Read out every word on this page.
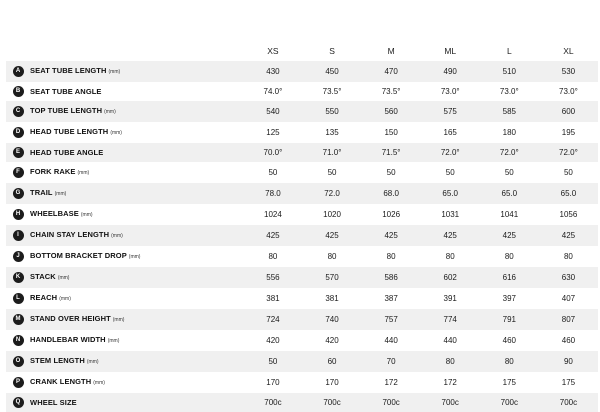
		XS	S	M	ML	L	XL
A	SEAT TUBE LENGTH (mm)	430	450	470	490	510	530
B	SEAT TUBE ANGLE	74.0°	73.5°	73.5°	73.0°	73.0°	73.0°
C	TOP TUBE LENGTH (mm)	540	550	560	575	585	600
D	HEAD TUBE LENGTH (mm)	125	135	150	165	180	195
E	HEAD TUBE ANGLE	70.0°	71.0°	71.5°	72.0°	72.0°	72.0°
F	FORK RAKE (mm)	50	50	50	50	50	50
G	TRAIL (mm)	78.0	72.0	68.0	65.0	65.0	65.0
H	WHEELBASE (mm)	1024	1020	1026	1031	1041	1056
I	CHAIN STAY LENGTH (mm)	425	425	425	425	425	425
J	BOTTOM BRACKET DROP (mm)	80	80	80	80	80	80
K	STACK (mm)	556	570	586	602	616	630
L	REACH (mm)	381	381	387	391	397	407
M	STAND OVER HEIGHT (mm)	724	740	757	774	791	807
N	HANDLEBAR WIDTH (mm)	420	420	440	440	460	460
O	STEM LENGTH (mm)	50	60	70	80	80	90
P	CRANK LENGTH (mm)	170	170	172	172	175	175
Q	WHEEL SIZE	700c	700c	700c	700c	700c	700c
